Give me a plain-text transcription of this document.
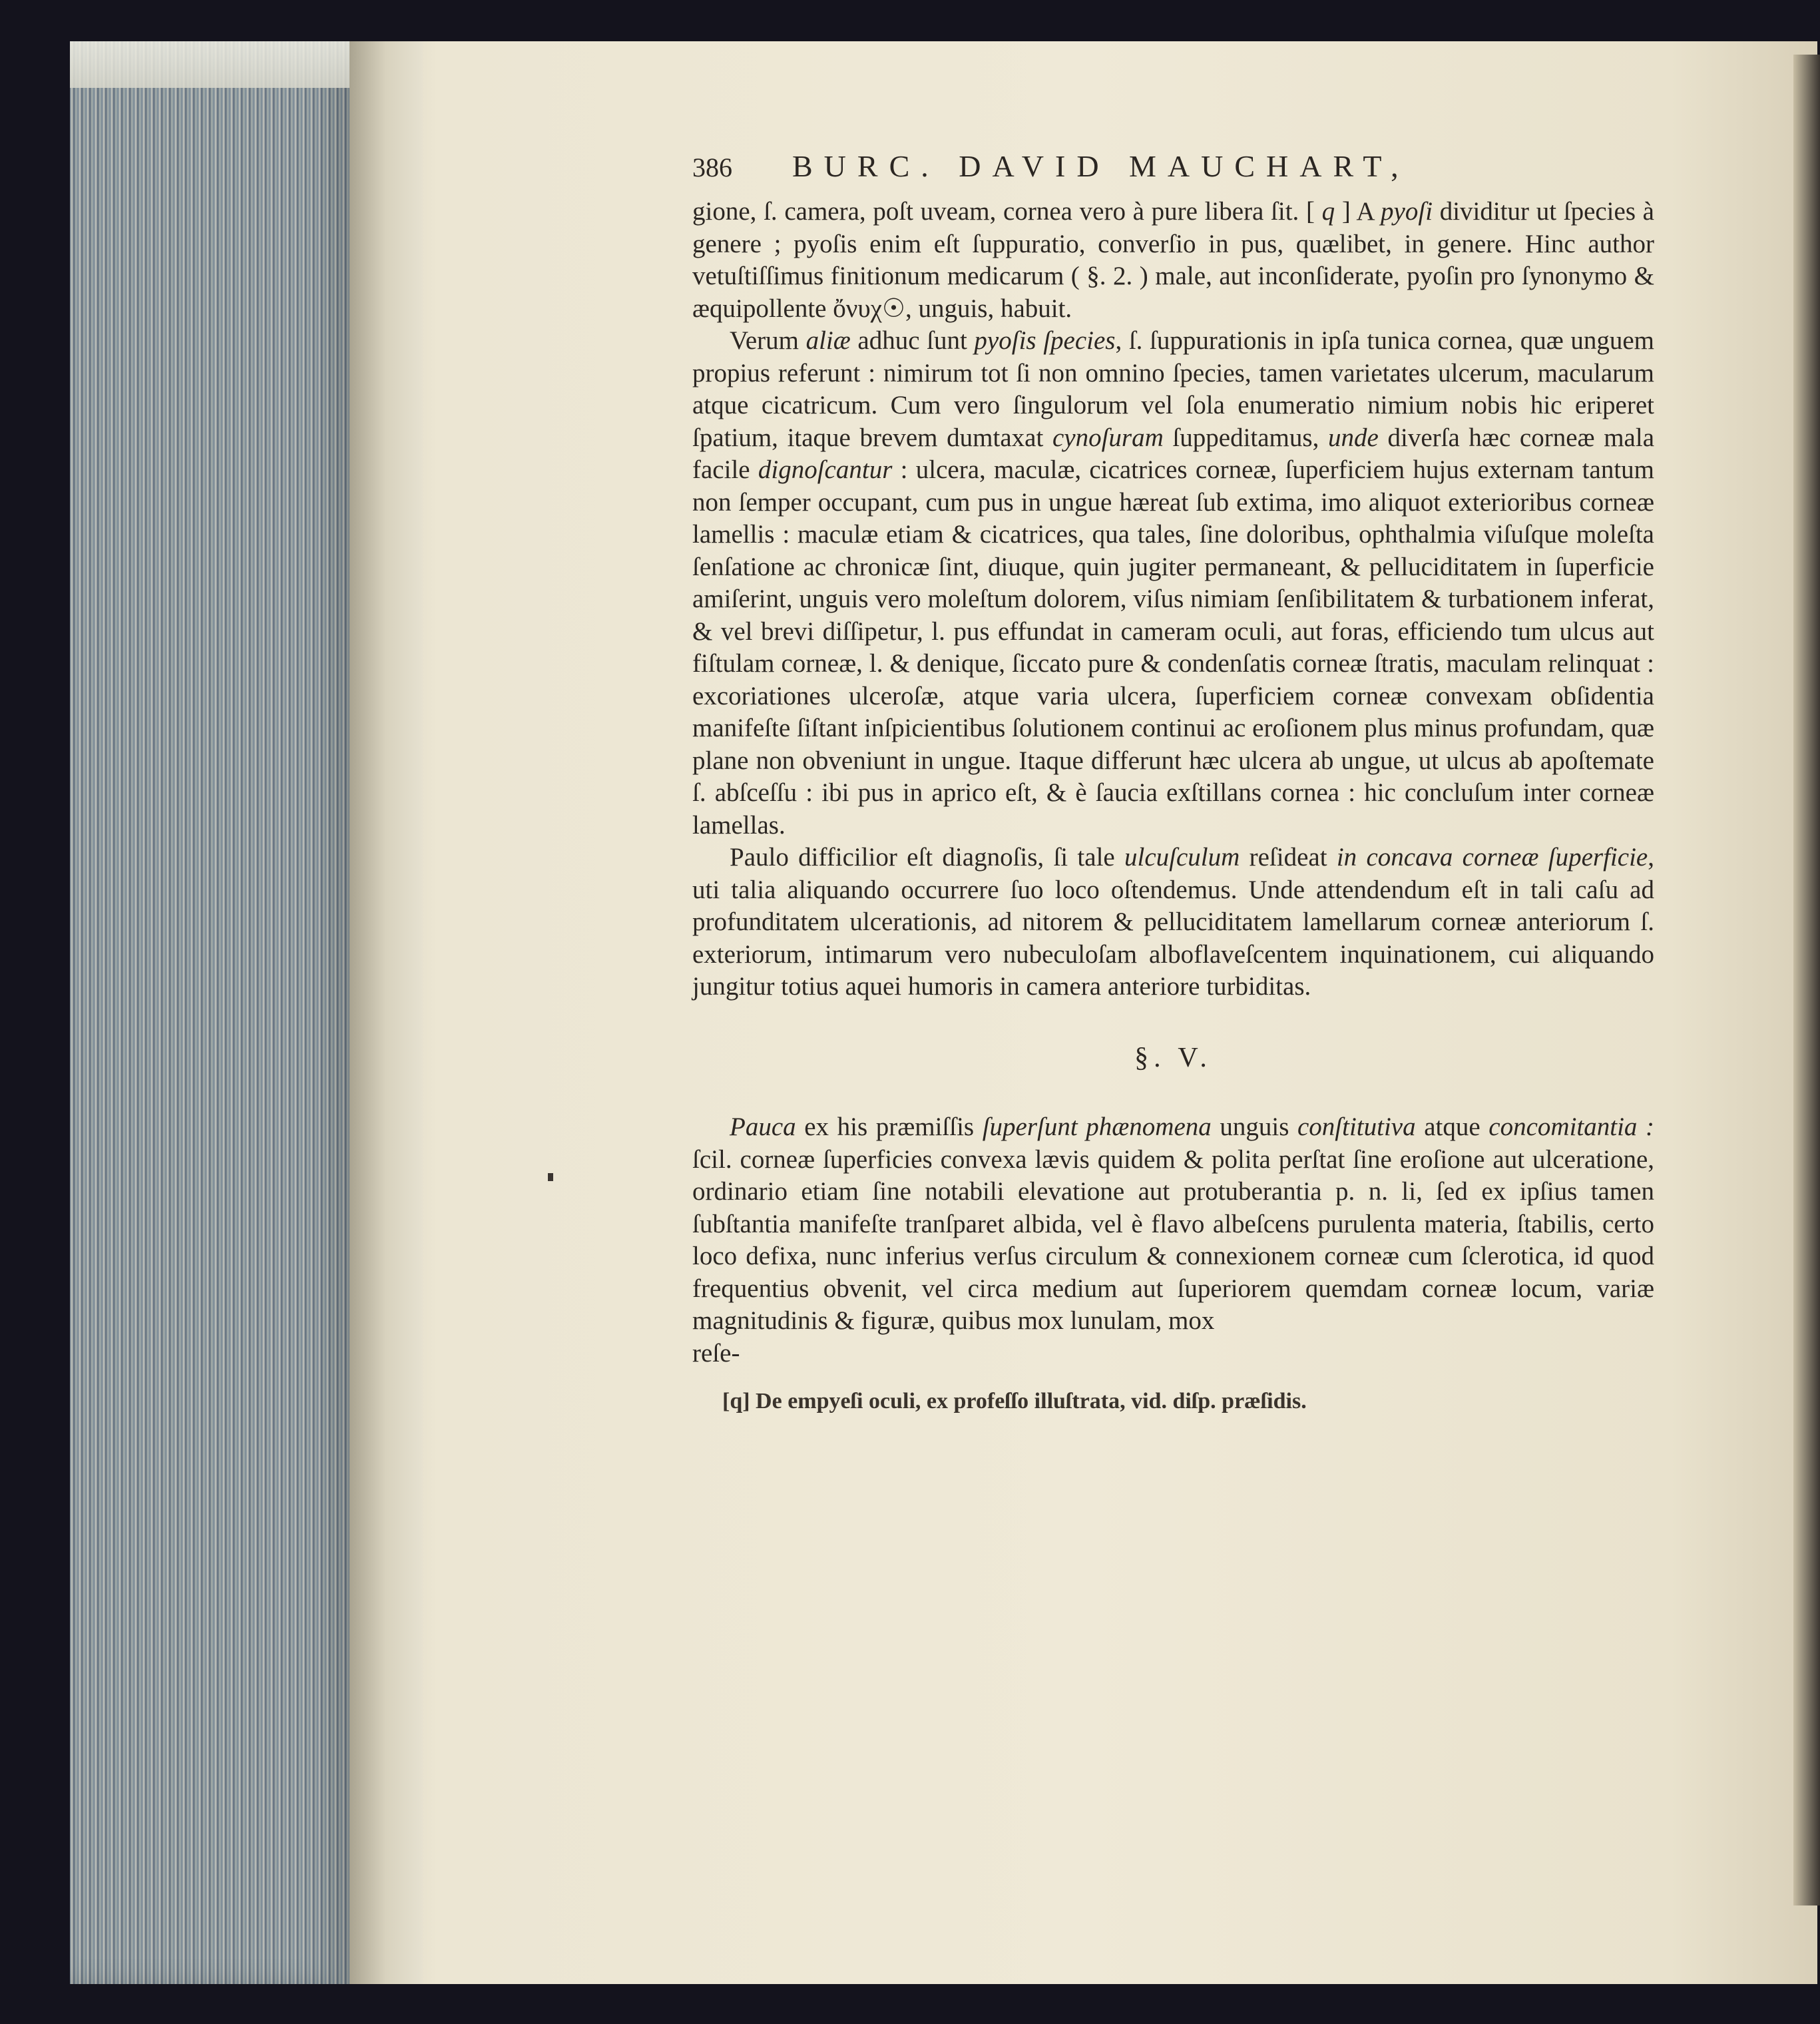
386	BURC. DAVID MAUCHART,

gione, ſ. camera, poſt uveam, cornea vero à pure libera ſit. [ q ] A pyoſi dividitur ut ſpecies à genere ; pyoſis enim eſt ſuppuratio, converſio in pus, quælibet, in genere. Hinc author vetuſtiſſimus finitionum medicarum ( §. 2. ) male, aut inconſiderate, pyoſin pro ſynonymo & æquipollente ὄνυχ☉, unguis, habuit.

Verum aliæ adhuc ſunt pyoſis ſpecies, ſ. ſuppurationis in ipſa tunica cornea, quæ unguem propius referunt : nimirum tot ſi non omnino ſpecies, tamen varietates ulcerum, macularum atque cicatricum. Cum vero ſingulorum vel ſola enumeratio nimium nobis hic eriperet ſpatium, itaque brevem dumtaxat cynoſuram ſuppeditamus, unde diverſa hæc corneæ mala facile dignoſcantur : ulcera, maculæ, cicatrices corneæ, ſuperficiem hujus externam tantum non ſemper occupant, cum pus in ungue hæreat ſub extima, imo aliquot exterioribus corneæ lamellis : maculæ etiam & cicatrices, qua tales, ſine doloribus, ophthalmia viſuſque moleſta ſenſatione ac chronicæ ſint, diuque, quin jugiter permaneant, & pelluciditatem in ſuperficie amiſerint, unguis vero moleſtum dolorem, viſus nimiam ſenſibilitatem & turbationem inferat, & vel brevi diſſipetur, l. pus effundat in cameram oculi, aut foras, efficiendo tum ulcus aut fiſtulam corneæ, l. & denique, ſiccato pure & condenſatis corneæ ſtratis, maculam relinquat : excoriationes ulceroſæ, atque varia ulcera, ſuperficiem corneæ convexam obſidentia manifeſte ſiſtant inſpicientibus ſolutionem continui ac eroſionem plus minus profundam, quæ plane non obveniunt in ungue. Itaque differunt hæc ulcera ab ungue, ut ulcus ab apoſtemate ſ. abſceſſu : ibi pus in aprico eſt, & è ſaucia exſtillans cornea : hic concluſum inter corneæ lamellas.

Paulo difficilior eſt diagnoſis, ſi tale ulcuſculum reſideat in concava corneæ ſuperficie, uti talia aliquando occurrere ſuo loco oſtendemus. Unde attendendum eſt in tali caſu ad profunditatem ulcerationis, ad nitorem & pelluciditatem lamellarum corneæ anteriorum ſ. exteriorum, intimarum vero nubeculoſam alboflaveſcentem inquinationem, cui aliquando jungitur totius aquei humoris in camera anteriore turbiditas.

§. V.

Pauca ex his præmiſſis ſuperſunt phænomena unguis conſtitutiva atque concomitantia : ſcil. corneæ ſuperficies convexa lævis quidem & polita perſtat ſine eroſione aut ulceratione, ordinario etiam ſine notabili elevatione aut protuberantia p. n. li, ſed ex ipſius tamen ſubſtantia manifeſte tranſparet albida, vel è flavo albeſcens purulenta materia, ſtabilis, certo loco defixa, nunc inferius verſus circulum & connexionem corneæ cum ſclerotica, id quod frequentius obvenit, vel circa medium aut ſuperiorem quemdam corneæ locum, variæ magnitudinis & figuræ, quibus mox lunulam, mox

reſe-

[q] De empyeſi oculi, ex profeſſo illuſtrata, vid. diſp. præſidis.
